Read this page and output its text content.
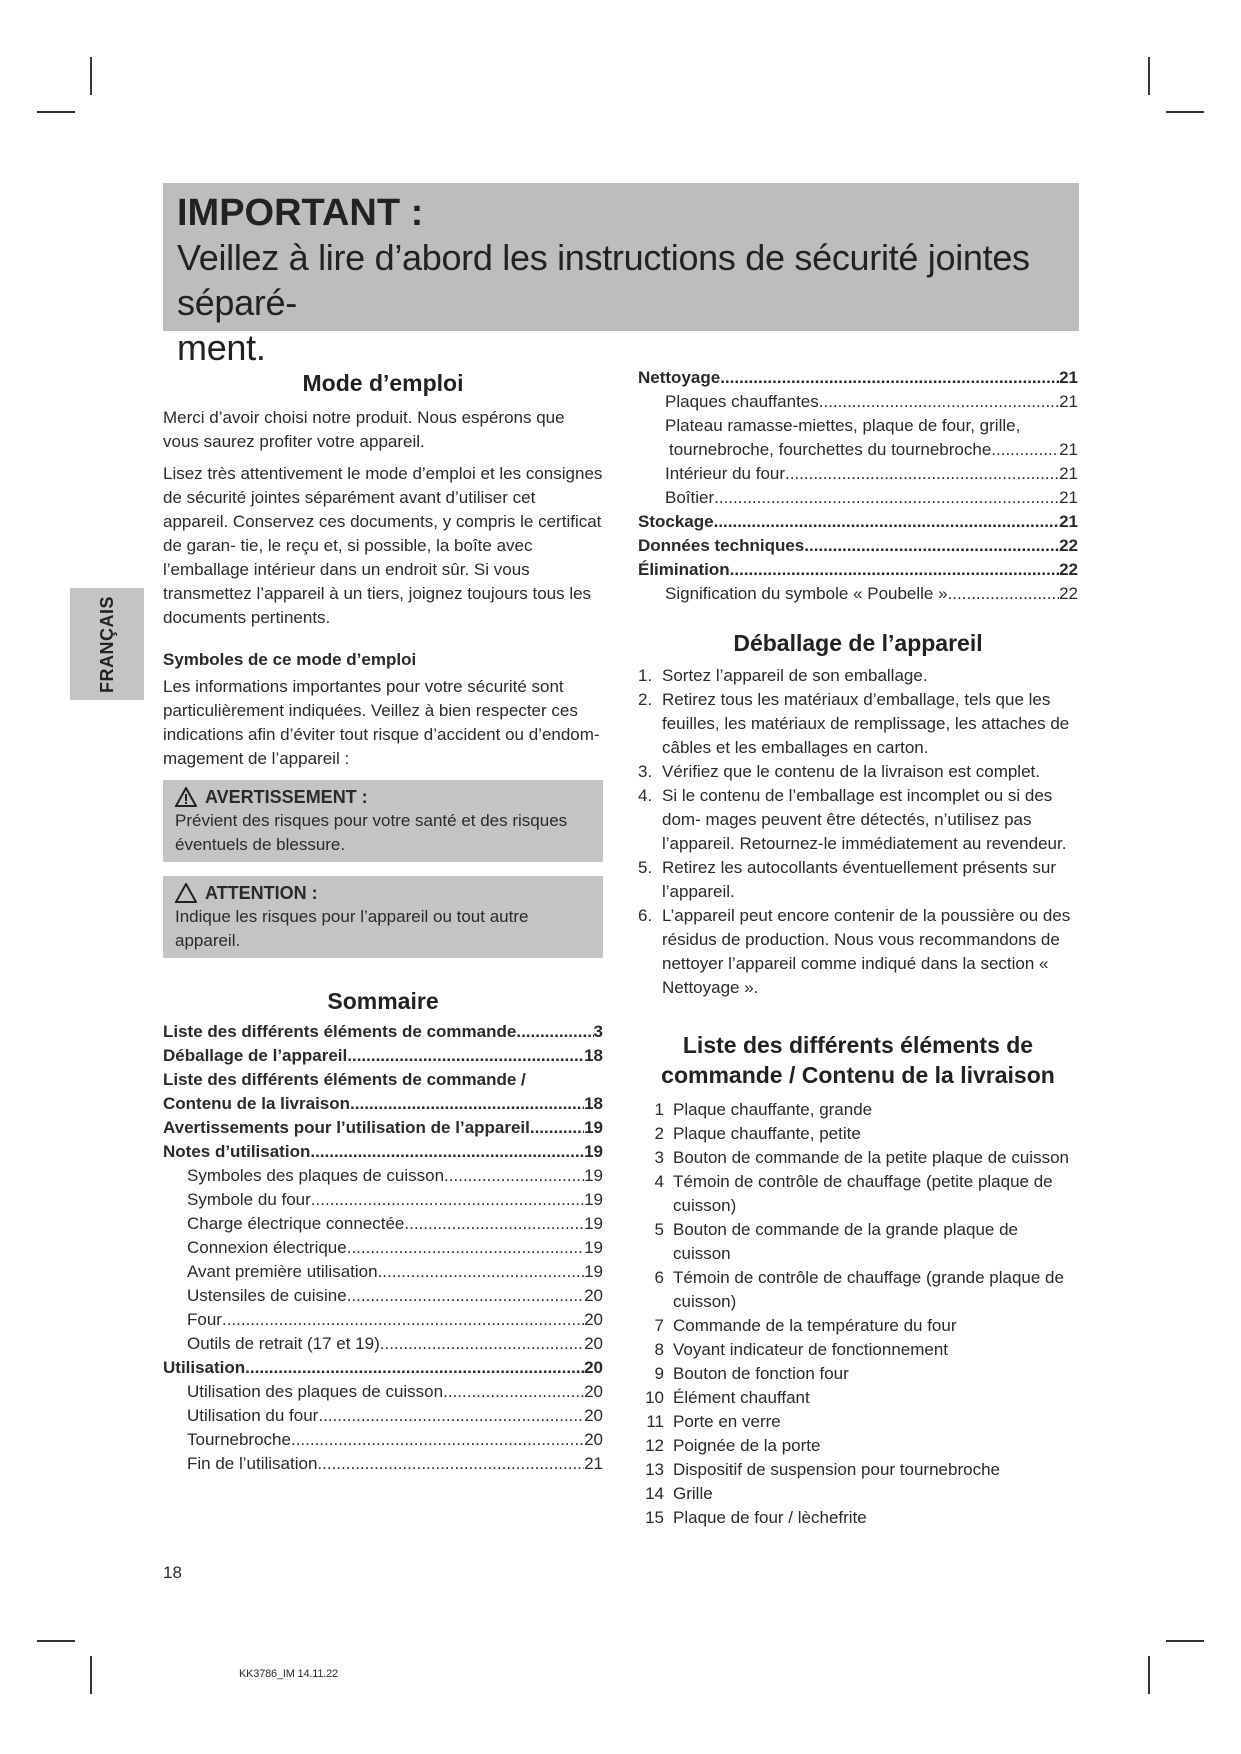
IMPORTANT :
Veillez à lire d’abord les instructions de sécurité jointes séparé-
ment.
FRANÇAIS
Mode d’emploi

Merci d’avoir choisi notre produit. Nous espérons que vous saurez profiter votre appareil.

Lisez très attentivement le mode d’emploi et les consignes de sécurité jointes séparément avant d’utiliser cet appareil. Conservez ces documents, y compris le certificat de garan- tie, le reçu et, si possible, la boîte avec l’emballage intérieur dans un endroit sûr. Si vous transmettez l’appareil à un tiers, joignez toujours tous les documents pertinents.

Symboles de ce mode d’emploi

Les informations importantes pour votre sécurité sont particulièrement indiquées. Veillez à bien respecter ces indications afin d’éviter tout risque d’accident ou d’endom- magement de l’appareil :

AVERTISSEMENT :
Prévient des risques pour votre santé et des risques éventuels de blessure.
ATTENTION :
Indique les risques pour l’appareil ou tout autre appareil.
Sommaire
Liste des différents éléments de commande .....	3
Déballage de l’appareil .....	18
Liste des différents éléments de commande /
Contenu de la livraison .....	18
Avertissements pour l’utilisation de l’appareil .....	19
Notes d’utilisation .....	19
Symboles des plaques de cuisson .....	19
Symbole du four .....	19
Charge électrique connectée .....	19
Connexion électrique .....	19
Avant première utilisation .....	19
Ustensiles de cuisine .....	20
Four .....	20
Outils de retrait (17 et 19) .....	20
Utilisation .....	20
Utilisation des plaques de cuisson .....	20
Utilisation du four .....	20
Tournebroche .....	20
Fin de l’utilisation .....	21
Nettoyage .....	21
Plaques chauffantes .....	21
Plateau ramasse-miettes, plaque de four, grille,
tournebroche, fourchettes du tournebroche .....	21
Intérieur du four .....	21
Boîtier .....	21
Stockage .....	21
Données techniques .....	22
Élimination .....	22
Signification du symbole « Poubelle » .....	22
Déballage de l’appareil
1. Sortez l’appareil de son emballage.
2. Retirez tous les matériaux d’emballage, tels que les feuilles, les matériaux de remplissage, les attaches de câbles et les emballages en carton.
3. Vérifiez que le contenu de la livraison est complet.
4. Si le contenu de l’emballage est incomplet ou si des dom- mages peuvent être détectés, n’utilisez pas l’appareil. Retournez-le immédiatement au revendeur.
5. Retirez les autocollants éventuellement présents sur l’appareil.
6. L’appareil peut encore contenir de la poussière ou des résidus de production. Nous vous recommandons de nettoyer l’appareil comme indiqué dans la section « Nettoyage ».
Liste des différents éléments de
commande / Contenu de la livraison
1 Plaque chauffante, grande
2 Plaque chauffante, petite
3 Bouton de commande de la petite plaque de cuisson
4 Témoin de contrôle de chauffage (petite plaque de cuisson)
5 Bouton de commande de la grande plaque de cuisson
6 Témoin de contrôle de chauffage (grande plaque de cuisson)
7 Commande de la température du four
8 Voyant indicateur de fonctionnement
9 Bouton de fonction four
10 Élément chauffant
11 Porte en verre
12 Poignée de la porte
13 Dispositif de suspension pour tournebroche
14 Grille
15 Plaque de four / lèchefrite
18
KK3786_IM 14.11.22
